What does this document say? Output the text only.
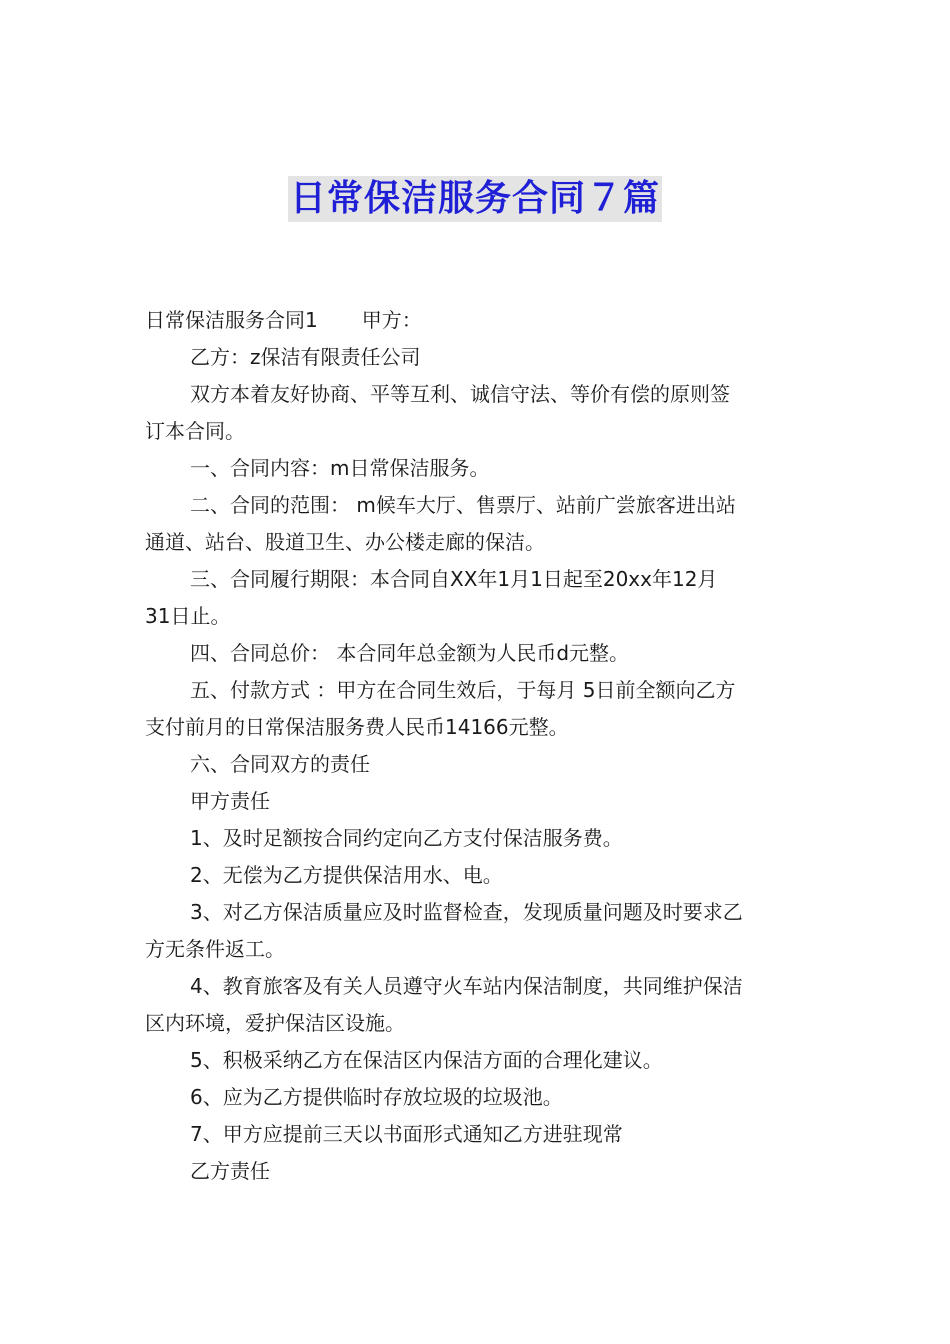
日常保洁服务合同７篇

日常保洁服务合同1 甲方：

乙方：z保洁有限责任公司

双方本着友好协商、平等互利、诚信守法、等价有偿的原则签

订本合同。

一、合同内容：m日常保洁服务。

二、合同的范围： m候车大厅、售票厅、站前广尝旅客进出站

通道、站台、股道卫生、办公楼走廊的保洁。

三、合同履行期限：本合同自XX年1月1日起至20xx年12月

31日止。

四、合同总价： 本合同年总金额为人民币d元整。

五、付款方式 ：甲方在合同生效后，于每月 5日前全额向乙方

支付前月的日常保洁服务费人民币14166元整。

六、合同双方的责任

甲方责任

1、及时足额按合同约定向乙方支付保洁服务费。

2、无偿为乙方提供保洁用水、电。

3、对乙方保洁质量应及时监督检查，发现质量问题及时要求乙

方无条件返工。

4、教育旅客及有关人员遵守火车站内保洁制度，共同维护保洁

区内环境，爱护保洁区设施。

5、积极采纳乙方在保洁区内保洁方面的合理化建议。

6、应为乙方提供临时存放垃圾的垃圾池。

7、甲方应提前三天以书面形式通知乙方进驻现常

乙方责任
